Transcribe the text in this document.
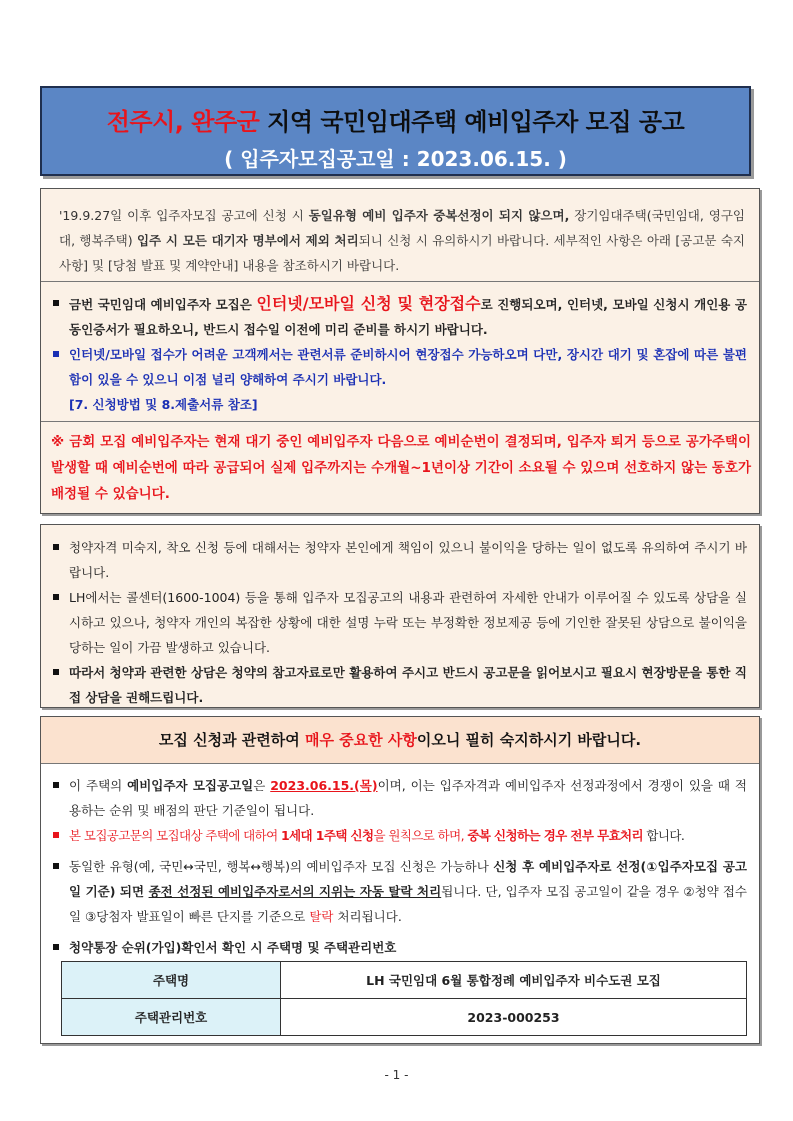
전주시, 완주군 지역 국민임대주택 예비입주자 모집 공고
( 입주자모집공고일 : 2023.06.15. )
'19.9.27일 이후 입주자모집 공고에 신청 시 동일유형 예비 입주자 중복선정이 되지 않으며, 장기임대주택(국민임대, 영구임대, 행복주택) 입주 시 모든 대기자 명부에서 제외 처리되니 신청 시 유의하시기 바랍니다. 세부적인 사항은 아래 [공고문 숙지사항] 및 [당첨 발표 및 계약안내] 내용을 참조하시기 바랍니다.
금번 국민임대 예비입주자 모집은 인터넷/모바일 신청 및 현장접수로 진행되오며, 인터넷, 모바일 신청시 개인용 공동인증서가 필요하오니, 반드시 접수일 이전에 미리 준비를 하시기 바랍니다.
인터넷/모바일 접수가 어려운 고객께서는 관련서류 준비하시어 현장접수 가능하오며 다만, 장시간 대기 및 혼잡에 따른 불편함이 있을 수 있으니 이점 널리 양해하여 주시기 바랍니다.
[7. 신청방법 및 8.제출서류 참조]
※ 금회 모집 예비입주자는 현재 대기 중인 예비입주자 다음으로 예비순번이 결정되며, 입주자 퇴거 등으로 공가주택이 발생할 때 예비순번에 따라 공급되어 실제 입주까지는 수개월~1년이상 기간이 소요될 수 있으며 선호하지 않는 동호가 배정될 수 있습니다.
청약자격 미숙지, 착오 신청 등에 대해서는 청약자 본인에게 책임이 있으니 불이익을 당하는 일이 없도록 유의하여 주시기 바랍니다.
LH에서는 콜센터(1600-1004) 등을 통해 입주자 모집공고의 내용과 관련하여 자세한 안내가 이루어질 수 있도록 상담을 실시하고 있으나, 청약자 개인의 복잡한 상황에 대한 설명 누락 또는 부정확한 정보제공 등에 기인한 잘못된 상담으로 불이익을 당하는 일이 가끔 발생하고 있습니다.
따라서 청약과 관련한 상담은 청약의 참고자료로만 활용하여 주시고 반드시 공고문을 읽어보시고 필요시 현장방문을 통한 직접 상담을 권해드립니다.
모집 신청과 관련하여 매우 중요한 사항이오니 필히 숙지하시기 바랍니다.
이 주택의 예비입주자 모집공고일은 2023.06.15.(목)이며, 이는 입주자격과 예비입주자 선정과정에서 경쟁이 있을 때 적용하는 순위 및 배점의 판단 기준일이 됩니다.
본 모집공고문의 모집대상 주택에 대하여 1세대 1주택 신청을 원칙으로 하며, 중복 신청하는 경우 전부 무효처리 합니다.
동일한 유형(예, 국민↔국민, 행복↔행복)의 예비입주자 모집 신청은 가능하나 신청 후 예비입주자로 선정(①입주자모집 공고일 기준) 되면 종전 선정된 예비입주자로서의 지위는 자동 탈락 처리됩니다. 단, 입주자 모집 공고일이 같을 경우 ②청약 접수일 ③당첨자 발표일이 빠른 단지를 기준으로 탈락 처리됩니다.
청약통장 순위(가입)확인서 확인 시 주택명 및 주택관리번호
주택명	LH 국민임대 6월 통합정례 예비입주자 비수도권 모집
주택관리번호	2023-000253
- 1 -
